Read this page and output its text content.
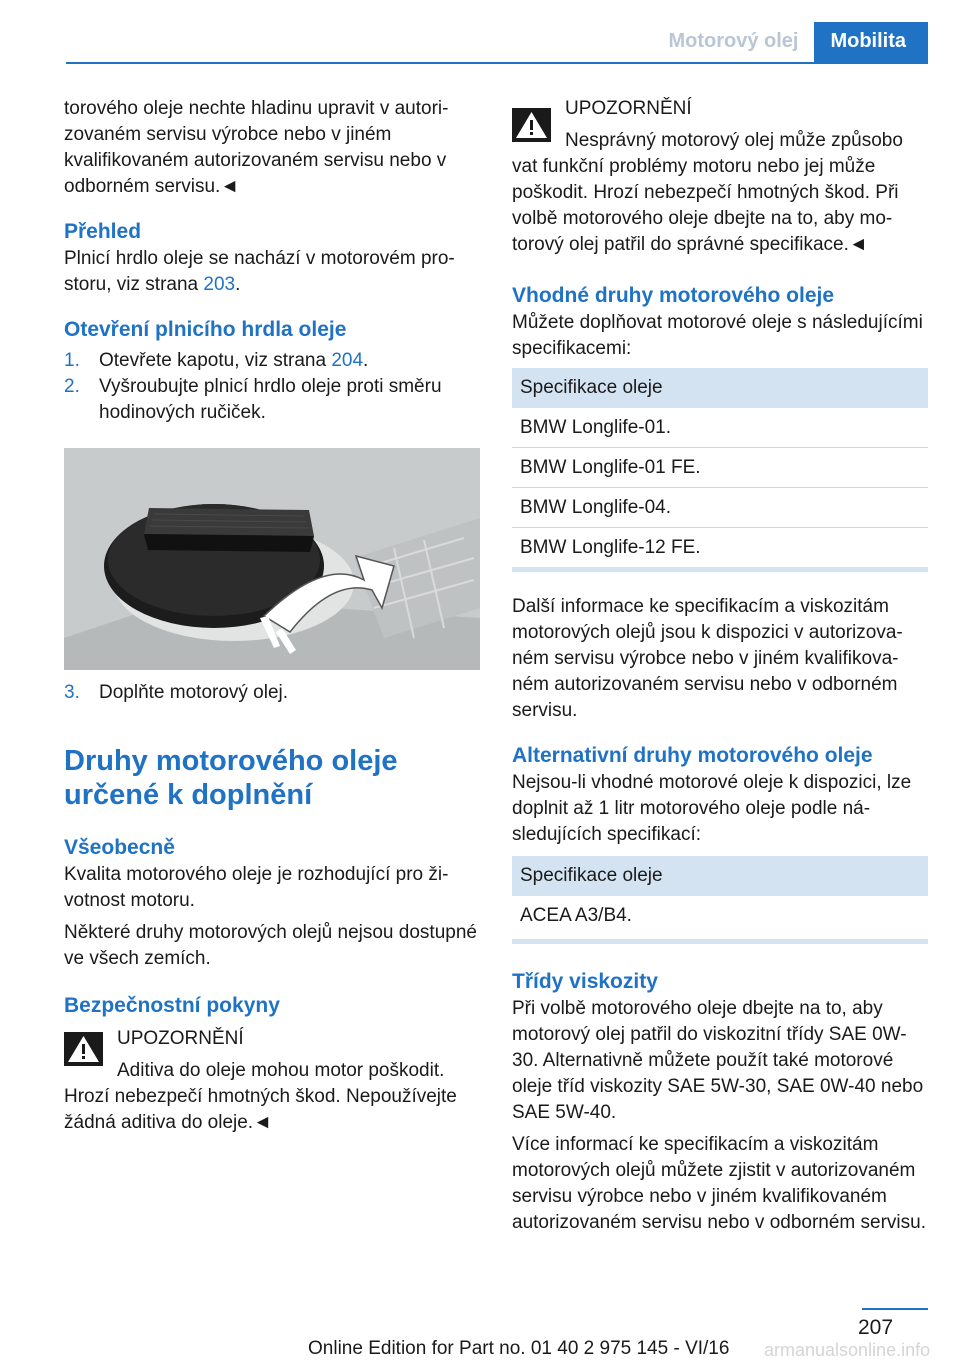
Motorový olej	Mobilita

torového oleje nechte hladinu upravit v autorizovaném servisu výrobce nebo v jiném kvalifikovaném autorizovaném servisu nebo v odborném servisu.◄

Přehled

Plnicí hrdlo oleje se nachází v motorovém prostoru, viz strana 203.

Otevření plnicího hrdla oleje
1.	Otevřete kapotu, viz strana 204.
2.	Vyšroubujte plnicí hrdlo oleje proti směru hodinových ručiček.
3.	Doplňte motorový olej.
Druhy motorového oleje určené k doplnění
Všeobecně

Kvalita motorového oleje je rozhodující pro životnost motoru.

Některé druhy motorových olejů nejsou dostupné ve všech zemích.

Bezpečnostní pokyny

UPOZORNĚNÍ

Aditiva do oleje mohou motor poškodit.

Hrozí nebezpečí hmotných škod. Nepoužívejte žádná aditiva do oleje.◄

UPOZORNĚNÍ

Nesprávný motorový olej může způsobo

vat funkční problémy motoru nebo jej může poškodit. Hrozí nebezpečí hmotných škod. Při volbě motorového oleje dbejte na to, aby motorový olej patřil do správné specifikace.◄

Vhodné druhy motorového oleje

Můžete doplňovat motorové oleje s následujícími specifikacemi:

Specifikace oleje
BMW Longlife-01.
BMW Longlife-01 FE.
BMW Longlife-04.
BMW Longlife-12 FE.

Další informace ke specifikacím a viskozitám motorových olejů jsou k dispozici v autorizovaném servisu výrobce nebo v jiném kvalifikovaném autorizovaném servisu nebo v odborném servisu.

Alternativní druhy motorového oleje

Nejsou-li vhodné motorové oleje k dispozici, lze doplnit až 1 litr motorového oleje podle následujících specifikací:

Specifikace oleje
ACEA A3/B4.
Třídy viskozity

Při volbě motorového oleje dbejte na to, aby motorový olej patřil do viskozitní třídy SAE 0W-30. Alternativně můžete použít také motorové oleje tříd viskozity SAE 5W-30, SAE 0W-40 nebo SAE 5W-40.

Více informací ke specifikacím a viskozitám motorových olejů můžete zjistit v autorizovaném servisu výrobce nebo v jiném kvalifikovaném autorizovaném servisu nebo v odborném servisu.

207
armanualsonline.info
Online Edition for Part no. 01 40 2 975 145 - VI/16
